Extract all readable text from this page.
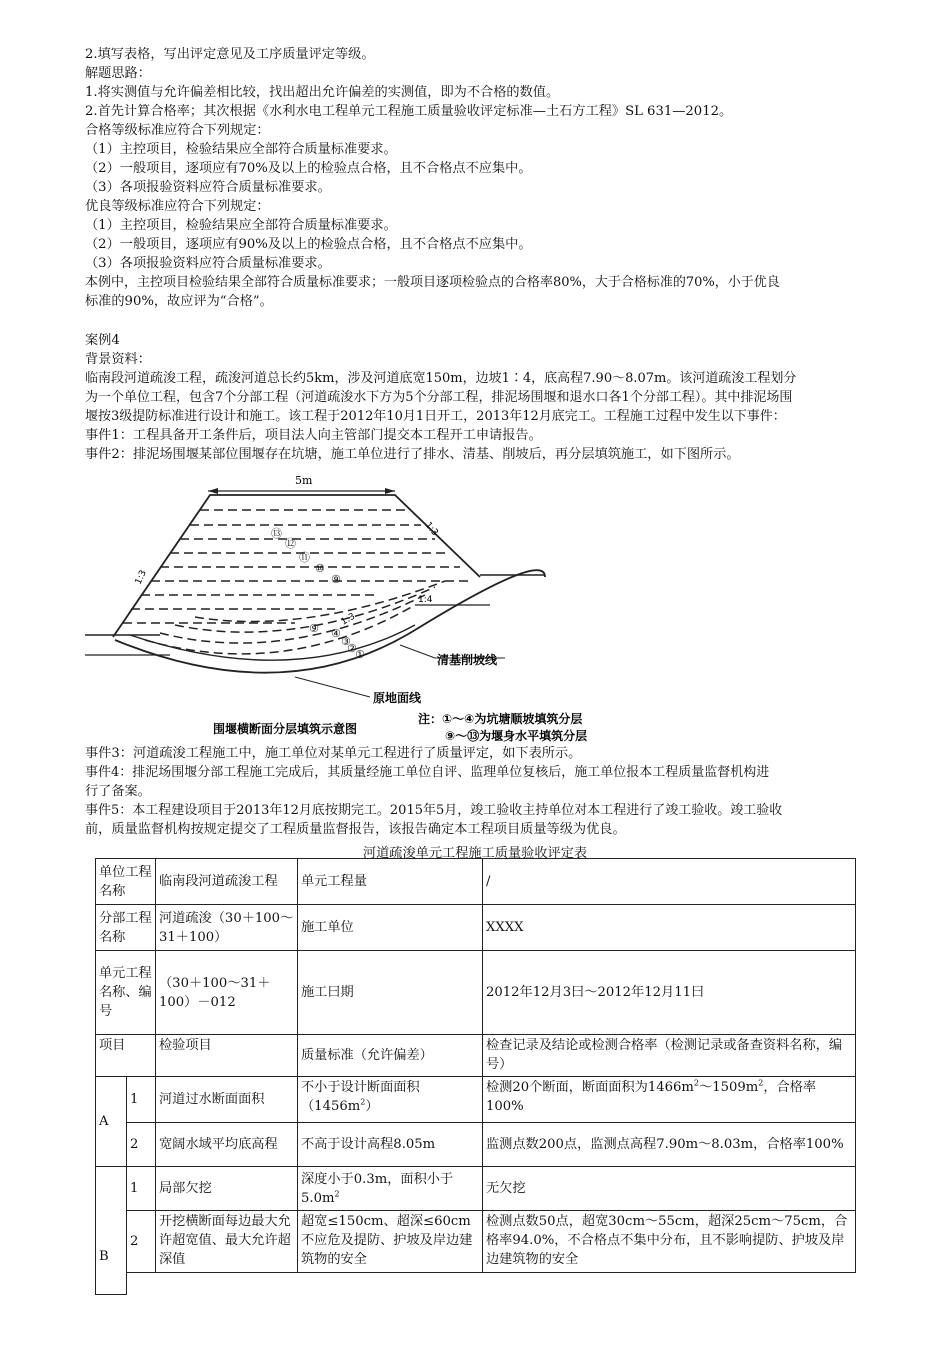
2.填写表格，写出评定意见及工序质量评定等级。
解题思路：
1.将实测值与允许偏差相比较，找出超出允许偏差的实测值，即为不合格的数值。
2.首先计算合格率；其次根据《水利水电工程单元工程施工质量验收评定标准—土石方工程》SL 631—2012。
合格等级标准应符合下列规定：
（1）主控项目，检验结果应全部符合质量标准要求。
（2）一般项目，逐项应有70%及以上的检验点合格，且不合格点不应集中。
（3）各项报验资料应符合质量标准要求。
优良等级标准应符合下列规定：
（1）主控项目，检验结果应全部符合质量标准要求。
（2）一般项目，逐项应有90%及以上的检验点合格，且不合格点不应集中。
（3）各项报验资料应符合质量标准要求。
本例中，主控项目检验结果全部符合质量标准要求；一般项目逐项检验点的合格率80%，大于合格标准的70%，小于优良
标准的90%，故应评为“合格”。
案例4
背景资料：
临南段河道疏浚工程，疏浚河道总长约5km，涉及河道底宽150m，边坡1∶4，底高程7.90～8.07m。该河道疏浚工程划分
为一个单位工程，包含7个分部工程（河道疏浚水下方为5个分部工程，排泥场围堰和退水口各1个分部工程）。其中排泥场围
堰按3级提防标准进行设计和施工。该工程于2012年10月1日开工，2013年12月底完工。工程施工过程中发生以下事件：
事件1：工程具备开工条件后，项目法人向主管部门提交本工程开工申请报告。
事件2：排泥场围堰某部位围堰存在坑塘，施工单位进行了排水、清基、削坡后，再分层填筑施工，如下图所示。
5m
⑬
⑫
⑪
⑩
⑨
⑨ ④
③
②
①
1:3
1:3
1:3
1:4
清基削坡线
原地面线
围堰横断面分层填筑示意图
注：①～④为坑塘顺坡填筑分层
⑨～⑬为堰身水平填筑分层
事件3：河道疏浚工程施工中，施工单位对某单元工程进行了质量评定，如下表所示。
事件4：排泥场围堰分部工程施工完成后，其质量经施工单位自评、监理单位复核后，施工单位报本工程质量监督机构进
行了备案。
事件5：本工程建设项目于2013年12月底按期完工。2015年5月，竣工验收主持单位对本工程进行了竣工验收。竣工验收
前，质量监督机构按规定提交了工程质量监督报告，该报告确定本工程项目质量等级为优良。
河道疏浚单元工程施工质量验收评定表
单位工程名称		临南段河道疏浚工程	单元工程量	/
分部工程名称		河道疏浚（30＋100～31＋100）	施工单位	XXXX
单元工程名称、编号		（30＋100～31＋100）－012	施工曰期	2012年12月3曰～2012年12月11曰
项目		检验项目	质量标准（允许偏差）	检查记录及结论或检测合格率（检测记录或备查资料名称，编号）
A	1	河道过水断面面积	不小于设计断面面积$(1456m^2)$	检测20个断面，断面面积为$1466m^2\sim 1509m^2$，合格率100%
	2	宽阔水域平均底高程	不高于设计高程8.05m	监测点数200点，监测点高程7.90m～8.03m，合格率100%
B	1	局部欠挖	深度小于0.3m，面积小于$5.0m^2$	无欠挖
	2	开挖横断面每边最大允许超宽值、最大允许超深值	超宽≤150cm、超深≤60cm不应危及提防、护坡及岸边建筑物的安全	检测点数50点，超宽30cm～55cm，超深25cm～75cm，合格率94.0%，不合格点不集中分布，且不影响提防、护坡及岸边建筑物的安全
